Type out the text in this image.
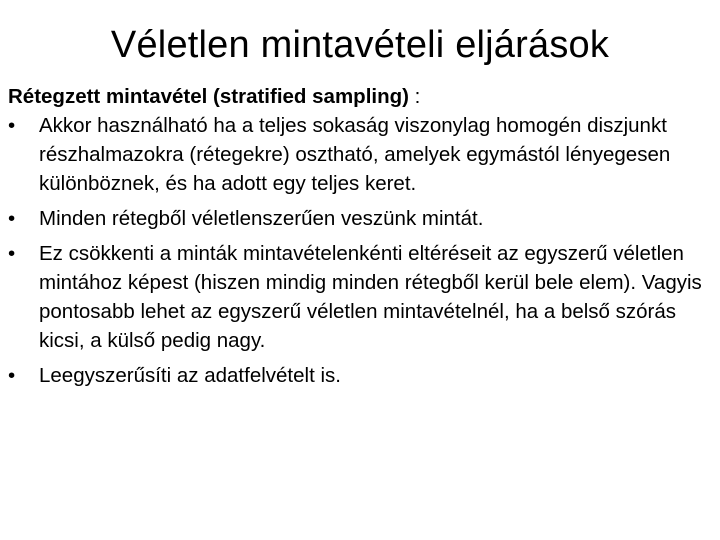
Véletlen mintavételi eljárások

Rétegzett mintavétel (stratified sampling) :

•	Akkor használható ha a teljes sokaság viszonylag homogén diszjunkt részhalmazokra (rétegekre) osztható, amelyek egymástól lényegesen különböznek, és ha adott egy teljes keret.
•	Minden rétegből véletlenszerűen veszünk mintát.
•	Ez csökkenti a minták mintavételenkénti eltéréseit az egyszerű véletlen mintához képest (hiszen mindig minden rétegből kerül bele elem). Vagyis pontosabb lehet az egyszerű véletlen mintavételnél, ha a belső szórás kicsi, a külső pedig nagy.
•	Leegyszerűsíti az adatfelvételt is.
